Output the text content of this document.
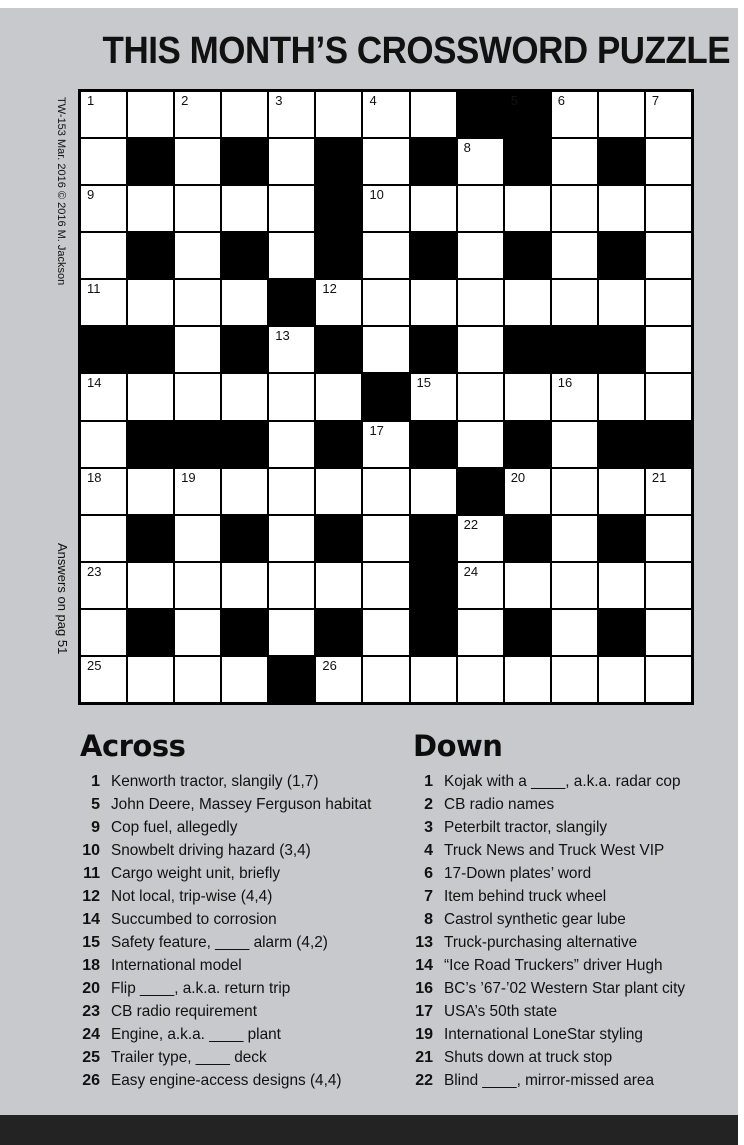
THIS MONTH’S CROSSWORD PUZZLE
TW-153 Mar. 2016 © 2016 M. Jackson
Answers on pag 51
1	2	3	4	5	6	7
8
9	10
11	12
13
14	15	16
17
18	19	20	21
22
23	24
25	26
Across	Down
1 Kenworth tractor, slangily (1,7)
5 John Deere, Massey Ferguson habitat
9 Cop fuel, allegedly
10 Snowbelt driving hazard (3,4)
11 Cargo weight unit, briefly
12 Not local, trip-wise (4,4)
14 Succumbed to corrosion
15 Safety feature, ____ alarm (4,2)
18 International model
20 Flip ____, a.k.a. return trip
23 CB radio requirement
24 Engine, a.k.a. ____ plant
25 Trailer type, ____ deck
26 Easy engine-access designs (4,4)
1 Kojak with a ____, a.k.a. radar cop
2 CB radio names
3 Peterbilt tractor, slangily
4 Truck News and Truck West VIP
6 17-Down plates’ word
7 Item behind truck wheel
8 Castrol synthetic gear lube
13 Truck-purchasing alternative
14 “Ice Road Truckers” driver Hugh
16 BC’s ’67-’02 Western Star plant city
17 USA’s 50th state
19 International LoneStar styling
21 Shuts down at truck stop
22 Blind ____, mirror-missed area
